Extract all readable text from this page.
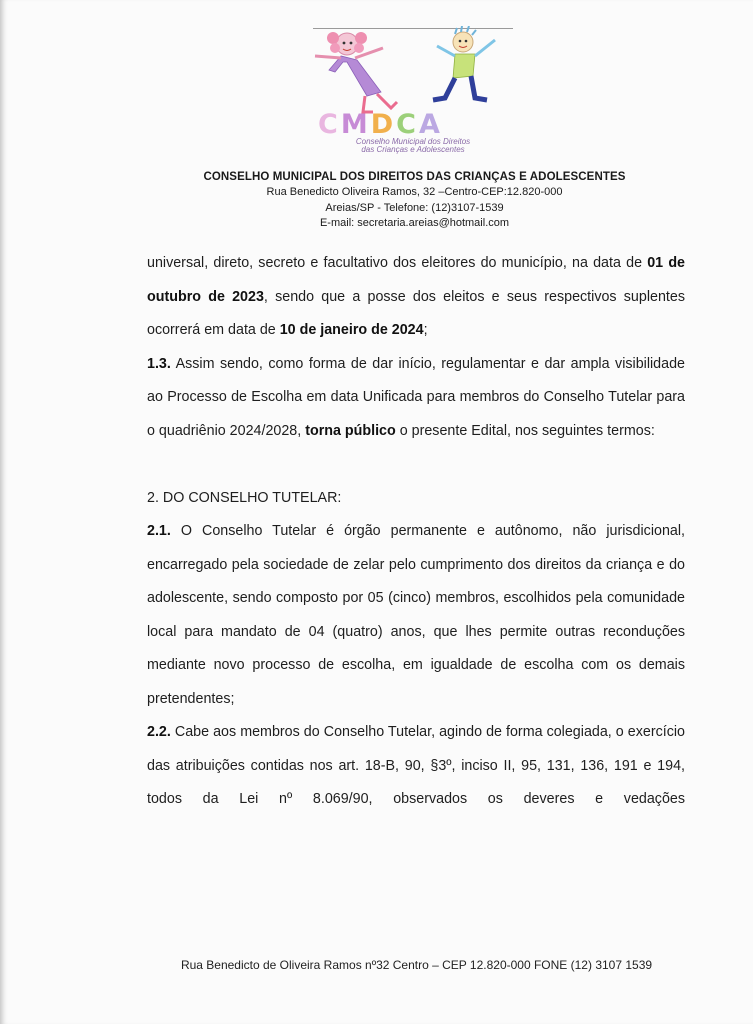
CMDCA
Conselho Municipal dos Direitos
das Crianças e Adolescentes
CONSELHO MUNICIPAL DOS DIREITOS DAS CRIANÇAS E ADOLESCENTES
Rua Benedicto Oliveira Ramos, 32 –Centro-CEP:12.820-000
Areias/SP - Telefone: (12)3107-1539
E-mail: secretaria.areias@hotmail.com

universal, direto, secreto e facultativo dos eleitores do município, na data de 01 de outubro de 2023, sendo que a posse dos eleitos e seus respectivos suplentes ocorrerá em data de 10 de janeiro de 2024;

1.3. Assim sendo, como forma de dar início, regulamentar e dar ampla visibilidade ao Processo de Escolha em data Unificada para membros do Conselho Tutelar para o quadriênio 2024/2028, torna público o presente Edital, nos seguintes termos:

2. DO CONSELHO TUTELAR:

2.1. O Conselho Tutelar é órgão permanente e autônomo, não jurisdicional, encarregado pela sociedade de zelar pelo cumprimento dos direitos da criança e do adolescente, sendo composto por 05 (cinco) membros, escolhidos pela comunidade local para mandato de 04 (quatro) anos, que lhes permite outras reconduções mediante novo processo de escolha, em igualdade de escolha com os demais pretendentes;

2.2. Cabe aos membros do Conselho Tutelar, agindo de forma colegiada, o exercício das atribuições contidas nos art. 18-B, 90, §3º, inciso II, 95, 131, 136, 191 e 194, todos da Lei nº 8.069/90, observados os deveres e vedações

Rua Benedicto de Oliveira Ramos nº32 Centro – CEP 12.820-000 FONE (12) 3107 1539
